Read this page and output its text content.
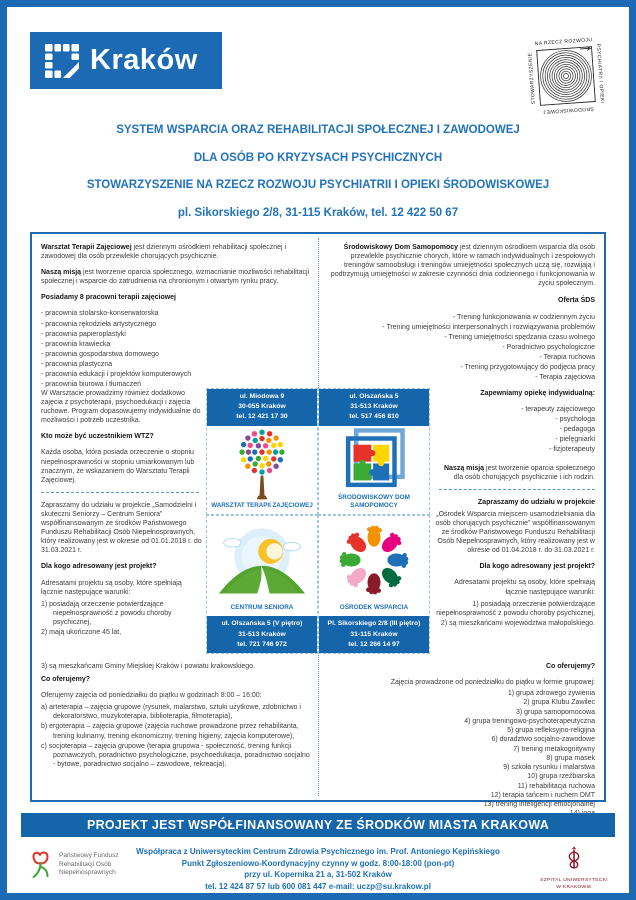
Kraków
NA RZECZ ROZWOJU
PSYCHIATRII I OPIEKI
ŚRODOWISKOWEJ
STOWARZYSZENIE
SYSTEM WSPARCIA ORAZ REHABILITACJI SPOŁECZNEJ I ZAWODOWEJ
DLA OSÓB PO KRYZYSACH PSYCHICZNYCH
STOWARZYSZENIE NA RZECZ ROZWOJU PSYCHIATRII I OPIEKI ŚRODOWISKOWEJ
pl. Sikorskiego 2/8, 31-115 Kraków, tel. 12 422 50 67

Warsztat Terapii Zajęciowej jest dziennym ośrodkiem rehabilitacji społecznej i zawodowej dla osób przewlekle chorujących psychicznie.

Naszą misją jest tworzenie oparcia społecznego, wzmacnianie możliwości rehabilitacji społecznej i wsparcie do zatrudnienia na chronionym i otwartym rynku pracy.

Posiadamy 8 pracowni terapii zajęciowej

- pracownia stolarsko-konserwatorska
- pracownia rękodzieła artystycznego
- pracownia papieroplastyki
- pracownia krawiecka
- pracownia gospodarstwa domowego
- pracownia plastyczna
- pracownia edukacji i projektów komputerowych
- pracownia biurowa i tłumaczeń

W Warsztacie prowadzimy również dodatkowo zajęcia z psychoterapii, psychoedukacji i zajęcia ruchowe. Program dopasowujemy indywidualnie do możliwości i potrzeb uczestnika.

Kto może być uczestnikiem WTZ?

Każda osoba, która posiada orzeczenie o stopniu niepełnosprawności w stopniu umiarkowanym lub znacznym, ze wskazaniem do Warsztatu Terapii Zajęciowej.

Zapraszamy do udziału w projekcie „Samodzielni i skuteczni Seniorzy – Centrum Seniora” współfinansowanym ze środków Państwowego Funduszu Rehabilitacji Osób Niepełnosprawnych, który realizowany jest w okresie od 01.01.2018 r. do 31.03.2021 r.

Dla kogo adresowany jest projekt?

Adresatami projektu są osoby, które spełniają łącznie następujące warunki:

1) posiadają orzeczenie potwierdzające niepełnosprawność z powodu choroby psychicznej,
2) mają ukończone 45 lat,
3) są mieszkańcami Gminy Miejskiej Kraków i powiatu krakowskiego.

Co oferujemy?

Oferujemy zajęcia od poniedziałku do piątku w godzinach 8:00 – 16:00:

a) arteterapia – zajęcia grupowe (rysunek, malarstwo, sztuki użytkowe, zdobnictwo i dekoratorstwo, muzykoterapia, biblioterapia, filmoterapia),
b) ergoterapia – zajęcia grupowe (zajęcia ruchowe prowadzone przez rehabilitanta, trening kulinarny, trening ekonomiczny, trening higieny, zajęcia komputerowe),
c) socjoterapia – zajęcia grupowe (terapia grupowa - społeczność, trening funkcji poznawczych, poradnictwo psychologiczne, psychoedukacja, poradnictwo socjalno - bytowe, poradnictwo socjalno – zawodowe, rekreacja).

Środowiskowy Dom Samopomocy jest dziennym ośrodkiem wsparcia dla osób przewlekle psychicznie chorych, które w ramach indywidualnych i zespołowych treningów samoobsługi i treningów umiejętności społecznych uczą się, rozwijają i podtrzymują umiejętności w zakresie czynności dnia codziennego i funkcjonowania w życiu społecznym.

Oferta ŚDS

- Trening funkcjonowania w codziennym życiu
- Trening umiejętności interpersonalnych i rozwiązywania problemów
- Trening umiejętności spędzania czasu wolnego
- Poradnictwo psychologiczne
- Terapia ruchowa
- Trening przygotowujący do podjęcia pracy
- Terapia zajęciowa

Zapewniamy opiekę indywidualną:

- terapeuty zajęciowego
- psychologa
- pedagoga
- pielęgniarki
- fizjoterapeuty

Naszą misją jest tworzenie oparcia społecznego dla osób chorujących psychicznie i ich rodzin.

Zapraszamy do udziału w projekcie

„Ośrodek Wsparcia miejscem usamodzielniania dla osób chorujących psychicznie” współfinansowanym ze środków Państwowego Funduszu Rehabilitacji Osób Niepełnosprawnych, który realizowany jest w okresie od 01.04.2018 r. do 31.03.2021 r.

Dla kogo adresowany jest projekt?

Adresatami projektu są osoby, które spełniają łącznie następujące warunki:

1) posiadają orzeczenie potwierdzające niepełnosprawność z powodu choroby psychicznej,
2) są mieszkańcami województwa małopolskiego.

Co oferujemy?

Zajęcia prowadzone od poniedziałku do piątku w formie grupowej:

1) grupa zdrowego żywienia
2) grupa Klubu Zawilec
3) grupa samopomocowa
4) grupa treningowo-psychoterapeutyczna
5) grupa refleksyjno-religijna
6) doradztwo socjalno-zawodowe
7) trening metakognitywny
8) grupa masek
9) szkoła rysunku i malarstwa
10) grupa rzeźbiarska
11) rehabilitacja ruchowa
12) terapia tańcem i ruchem DMT
13) trening inteligencji emocjonalnej
ul. Miodowa 9
30-055 Kraków
tel. 12 421 17 30
WARSZTAT TERAPII ZAJĘCIOWEJ
ul. Olszańska 5
31-513 Kraków
tel. 517 456 810
ŚRODOWISKOWY DOM SAMOPOMOCY
CENTRUM SENIORA
ul. Olszańska 5 (V piętro)
31-513 Kraków
tel. 721 746 972
OŚRODEK WSPARCIA
Pl. Sikorskiego 2/8 (III piętro)
31-115 Kraków
tel. 12 266 14 97
PROJEKT JEST WSPÓŁFINANSOWANY ZE ŚRODKÓW MIASTA KRAKOWA
Państwowy Fundusz
Rehabilitacji Osób
Niepełnosprawnych
Współpraca z Uniwersyteckim Centrum Zdrowia Psychicznego im. Prof. Antoniego Kępińskiego
Punkt Zgłoszeniowo-Koordynacyjny czynny w godz. 8:00-18:00 (pon-pt)
przy ul. Kopernika 21 a, 31-502 Kraków
tel. 12 424 87 57 lub 600 081 447 e-mail: uczp@su.krakow.pl
SZPITAL UNIWERSYTECKI
W KRAKOWIE
